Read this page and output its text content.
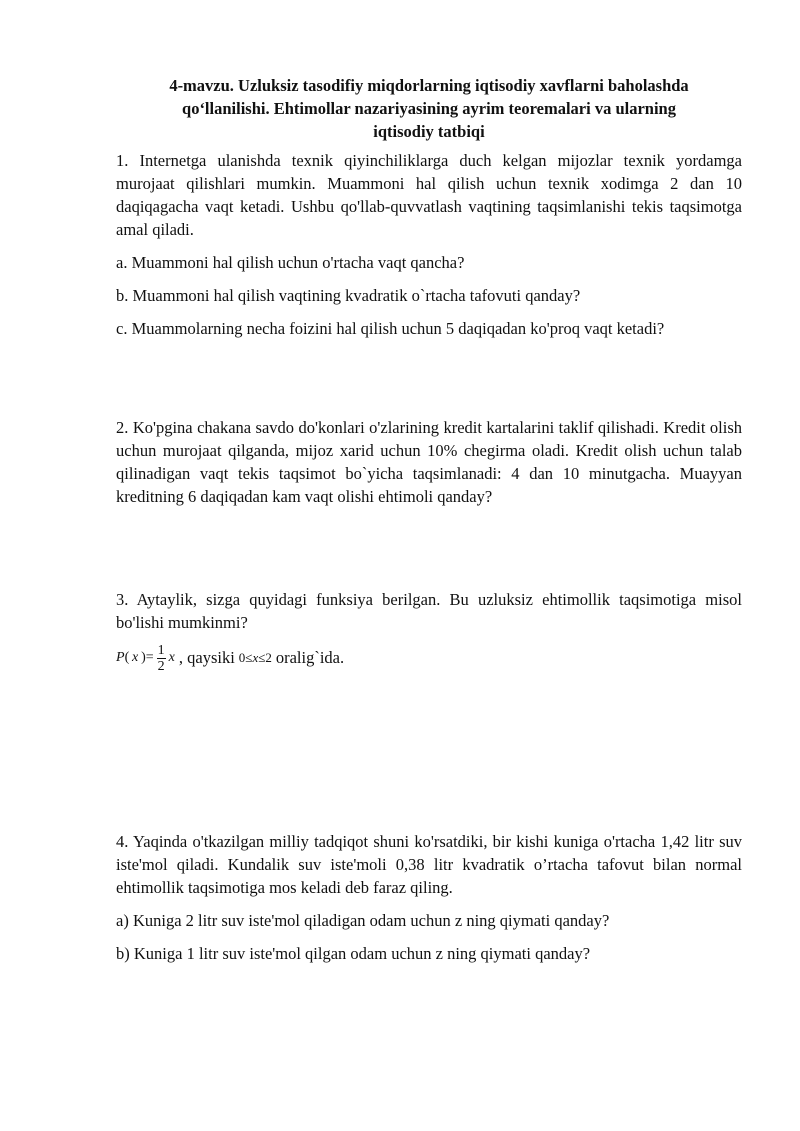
4-mavzu. Uzluksiz tasodifiy miqdorlarning iqtisodiy xavflarni baholashda
qo‘llanilishi. Ehtimollar nazariyasining ayrim teoremalari va ularning
iqtisodiy tatbiqi

1. Internetga ulanishda texnik qiyinchiliklarga duch kelgan mijozlar texnik yordamga murojaat qilishlari mumkin. Muammoni hal qilish uchun texnik xodimga 2 dan 10 daqiqagacha vaqt ketadi. Ushbu qo'llab-quvvatlash vaqtining taqsimlanishi tekis taqsimotga amal qiladi.

a. Muammoni hal qilish uchun o'rtacha vaqt qancha?

b. Muammoni hal qilish vaqtining kvadratik o`rtacha tafovuti qanday?

c. Muammolarning necha foizini hal qilish uchun 5 daqiqadan ko'proq vaqt ketadi?

2. Ko'pgina chakana savdo do'konlari o'zlarining kredit kartalarini taklif qilishadi. Kredit olish uchun murojaat qilganda, mijoz xarid uchun 10% chegirma oladi. Kredit olish uchun talab qilinadigan vaqt tekis taqsimot bo`yicha taqsimlanadi: 4 dan 10 minutgacha. Muayyan kreditning 6 daqiqadan kam vaqt olishi ehtimoli qanday?

3. Aytaylik, sizga quyidagi funksiya berilgan. Bu uzluksiz ehtimollik taqsimotiga misol bo'lishi mumkinmi?

P (
  x
  ) = $\frac{1}{2}$ x , qaysiki 0≤x≤2 oralig`ida.

4. Yaqinda o'tkazilgan milliy tadqiqot shuni ko'rsatdiki, bir kishi kuniga o'rtacha 1,42 litr suv iste'mol qiladi. Kundalik suv iste'moli 0,38 litr kvadratik o’rtacha tafovut bilan normal ehtimollik taqsimotiga mos keladi deb faraz qiling.

a) Kuniga 2 litr suv iste'mol qiladigan odam uchun z ning qiymati qanday?

b) Kuniga 1 litr suv iste'mol qilgan odam uchun z ning qiymati qanday?
